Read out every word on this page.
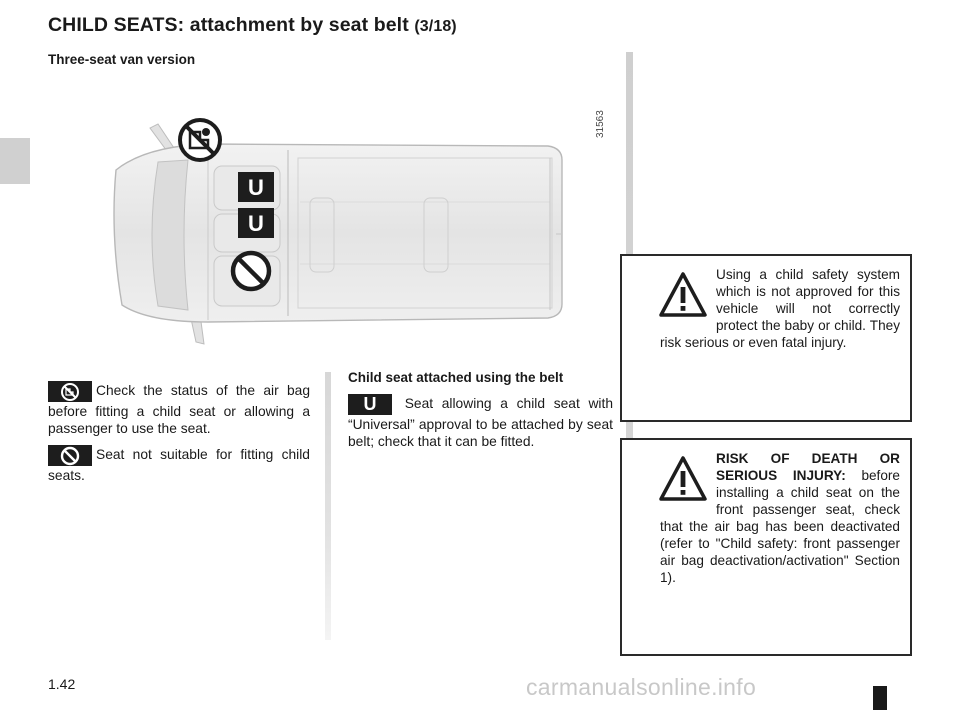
CHILD SEATS: attachment by seat belt (3/18)
Three-seat van version
U
U
31563

Check the status of the air bag before fitting a child seat or allowing a passenger to use the seat.

Seat not suitable for fitting child seats.

Child seat attached using the belt

U Seat allowing a child seat with “Universal” approval to be attached by seat belt; check that it can be fitted.

Using a child safety system which is not approved for this vehicle will not correctly protect the baby or child. They risk serious or even fatal injury.
RISK OF DEATH OR SERIOUS INJURY: before installing a child seat on the front passenger seat, check that the air bag has been deactivated (refer to "Child safety: front passenger air bag deactivation/activation" Section 1).
1.42	carmanualsonline.info
